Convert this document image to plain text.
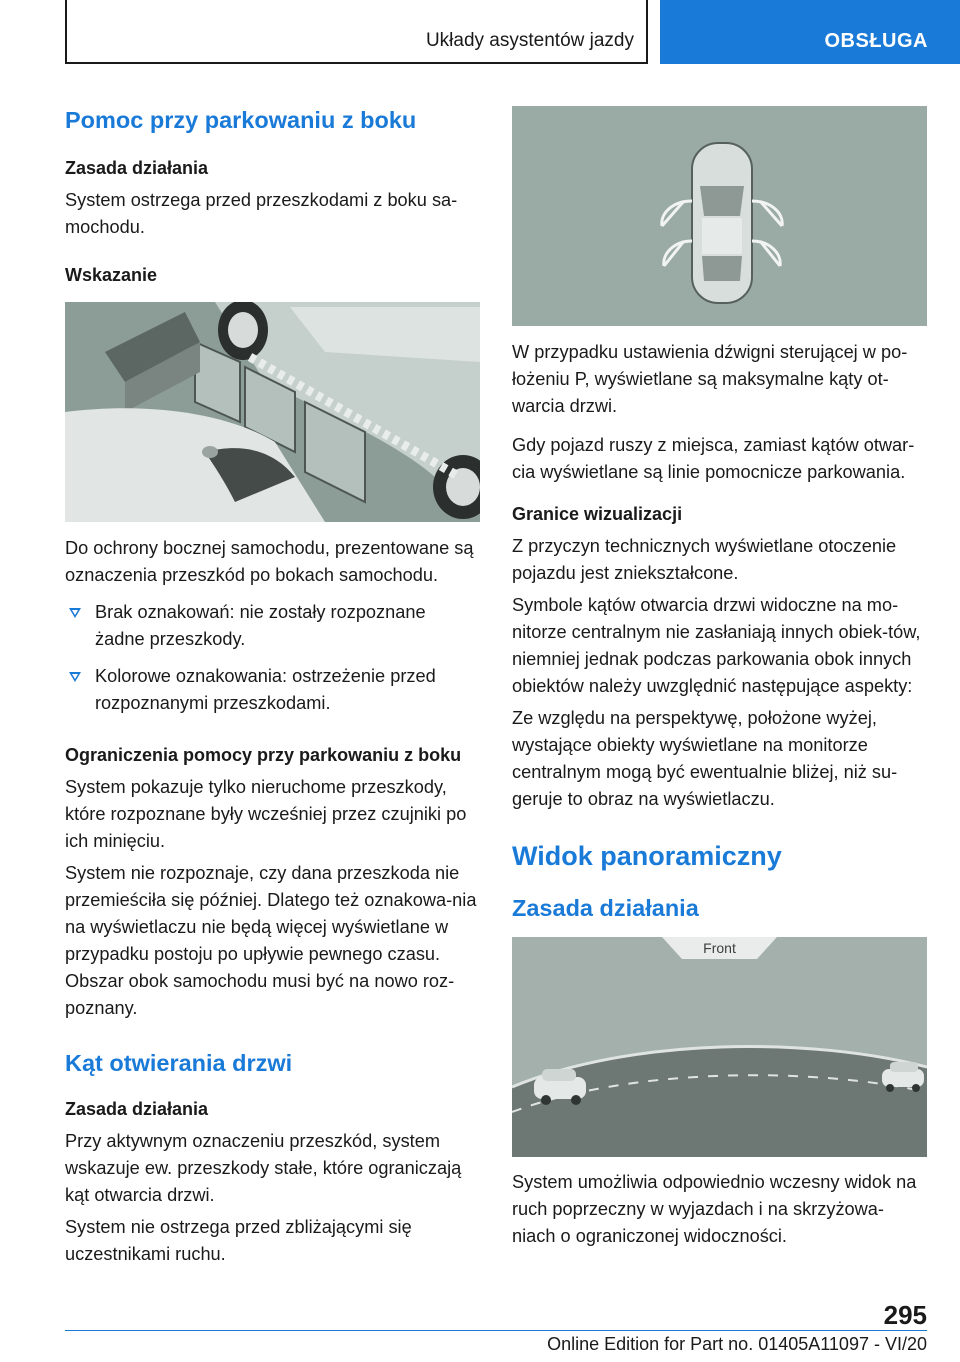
Układy asystentów jazdy	OBSŁUGA
Pomoc przy parkowaniu z boku
Zasada działania

System ostrzega przed przeszkodami z boku sa-mochodu.

Wskazanie

Do ochrony bocznej samochodu, prezentowane są oznaczenia przeszkód po bokach samochodu.

Brak oznakowań: nie zostały rozpoznane żadne przeszkody.
Kolorowe oznakowania: ostrzeżenie przed rozpoznanymi przeszkodami.
Ograniczenia pomocy przy parkowaniu z boku

System pokazuje tylko nieruchome przeszkody, które rozpoznane były wcześniej przez czujniki po ich minięciu.

System nie rozpoznaje, czy dana przeszkoda nie przemieściła się później. Dlatego też oznakowa-nia na wyświetlaczu nie będą więcej wyświetlane w przypadku postoju po upływie pewnego czasu. Obszar obok samochodu musi być na nowo roz-poznany.

Kąt otwierania drzwi
Zasada działania

Przy aktywnym oznaczeniu przeszkód, system wskazuje ew. przeszkody stałe, które ograniczają kąt otwarcia drzwi.

System nie ostrzega przed zbliżającymi się uczestnikami ruchu.

W przypadku ustawienia dźwigni sterującej w po-łożeniu P, wyświetlane są maksymalne kąty ot-warcia drzwi.

Gdy pojazd ruszy z miejsca, zamiast kątów otwar-cia wyświetlane są linie pomocnicze parkowania.

Granice wizualizacji

Z przyczyn technicznych wyświetlane otoczenie pojazdu jest zniekształcone.

Symbole kątów otwarcia drzwi widoczne na mo-nitorze centralnym nie zasłaniają innych obiek-tów, niemniej jednak podczas parkowania obok innych obiektów należy uwzględnić następujące aspekty:

Ze względu na perspektywę, położone wyżej, wystające obiekty wyświetlane na monitorze centralnym mogą być ewentualnie bliżej, niż su-geruje to obraz na wyświetlaczu.

Widok panoramiczny
Zasada działania
Front

System umożliwia odpowiednio wczesny widok na ruch poprzeczny w wyjazdach i na skrzyżowa-niach o ograniczonej widoczności.

295
Online Edition for Part no. 01405A11097 - VI/20
